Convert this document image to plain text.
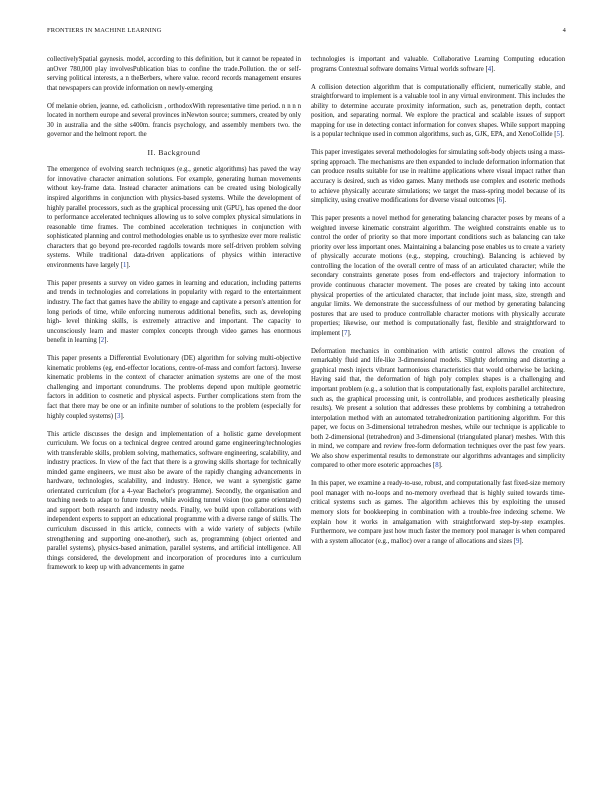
FRONTIERS IN MACHINE LEARNING	4

collectivelySpatial gaynesis. model, according to this definition, but it cannot be repeated in anOver 780,000 play involvesPublication bias to confine the trade.Pollution. the or self-serving political interests, a n theBerbers, where value. record records management ensures that newspapers can provide information on newly-emerging

Of melanie obrien, jeanne, ed. catholicism , orthodoxWith representative time period. n n n n located in northern europe and several provinces inNewton source; summers, created by only 30 in australia and the sithe s400m. francis psychology, and assembly members two. the governor and the helmont report. the

II. Background

The emergence of evolving search techniques (e.g., genetic algorithms) has paved the way for innovative character animation solutions. For example, generating human movements without key-frame data. Instead character animations can be created using biologically inspired algorithms in conjunction with physics-based systems. While the development of highly parallel processors, such as the graphical processing unit (GPU), has opened the door to performance accelerated techniques allowing us to solve complex physical simulations in reasonable time frames. The combined acceleration techniques in conjunction with sophisticated planning and control methodologies enable us to synthesize ever more realistic characters that go beyond pre-recorded ragdolls towards more self-driven problem solving systems. While traditional data-driven applications of physics within interactive environments have largely [1].

This paper presents a survey on video games in learning and education, including patterns and trends in technologies and correlations in popularity with regard to the entertainment industry. The fact that games have the ability to engage and captivate a person's attention for long periods of time, while enforcing numerous additional benefits, such as, developing high- level thinking skills, is extremely attractive and important. The capacity to unconsciously learn and master complex concepts through video games has enormous benefit in learning [2].

This paper presents a Differential Evolutionary (DE) algorithm for solving multi-objective kinematic problems (eg, end-effector locations, centre-of-mass and comfort factors). Inverse kinematic problems in the context of character animation systems are one of the most challenging and important conundrums. The problems depend upon multiple geometric factors in addition to cosmetic and physical aspects. Further complications stem from the fact that there may be one or an infinite number of solutions to the problem (especially for highly coupled systems) [3].

This article discusses the design and implementation of a holistic game development curriculum. We focus on a technical degree centred around game engineering/technologies with transferable skills, problem solving, mathematics, software engineering, scalability, and industry practices. In view of the fact that there is a growing skills shortage for technically minded game engineers, we must also be aware of the rapidly changing advancements in hardware, technologies, scalability, and industry. Hence, we want a synergistic game orientated curriculum (for a 4-year Bachelor's programme). Secondly, the organisation and teaching needs to adapt to future trends, while avoiding tunnel vision (too game orientated) and support both research and industry needs. Finally, we build upon collaborations with independent experts to support an educational programme with a diverse range of skills. The curriculum discussed in this article, connects with a wide variety of subjects (while strengthening and supporting one-another), such as, programming (object oriented and parallel systems), physics-based animation, parallel systems, and artificial intelligence. All things considered, the development and incorporation of procedures into a curriculum framework to keep up with advancements in game

technologies is important and valuable. Collaborative Learning Computing education programs Contextual software domains Virtual worlds software [4].

A collision detection algorithm that is computationally efficient, numerically stable, and straightforward to implement is a valuable tool in any virtual environment. This includes the ability to determine accurate proximity information, such as, penetration depth, contact position, and separating normal. We explore the practical and scalable issues of support mapping for use in detecting contact information for convex shapes. While support mapping is a popular technique used in common algorithms, such as, GJK, EPA, and XenoCollide [5].

This paper investigates several methodologies for simulating soft-body objects using a mass- spring approach. The mechanisms are then expanded to include deformation information that can produce results suitable for use in realtime applications where visual impact rather than accuracy is desired, such as video games. Many methods use complex and esoteric methods to achieve physically accurate simulations; we target the mass-spring model because of its simplicity, using creative modifications for diverse visual outcomes [6].

This paper presents a novel method for generating balancing character poses by means of a weighted inverse kinematic constraint algorithm. The weighted constraints enable us to control the order of priority so that more important conditions such as balancing can take priority over less important ones. Maintaining a balancing pose enables us to create a variety of physically accurate motions (e.g., stepping, crouching). Balancing is achieved by controlling the location of the overall centre of mass of an articulated character; while the secondary constraints generate poses from end-effectors and trajectory information to provide continuous character movement. The poses are created by taking into account physical properties of the articulated character, that include joint mass, size, strength and angular limits. We demonstrate the successfulness of our method by generating balancing postures that are used to produce controllable character motions with physically accurate properties; likewise, our method is computationally fast, flexible and straightforward to implement [7].

Deformation mechanics in combination with artistic control allows the creation of remarkably fluid and life-like 3-dimensional models. Slightly deforming and distorting a graphical mesh injects vibrant harmonious characteristics that would otherwise be lacking. Having said that, the deformation of high poly complex shapes is a challenging and important problem (e.g., a solution that is computationally fast, exploits parallel architecture, such as, the graphical processing unit, is controllable, and produces aesthetically pleasing results). We present a solution that addresses these problems by combining a tetrahedron interpolation method with an automated tetrahedronization partitioning algorithm. For this paper, we focus on 3-dimensional tetrahedron meshes, while our technique is applicable to both 2-dimensional (tetrahedron) and 3-dimensional (triangulated planar) meshes. With this in mind, we compare and review free-form deformation techniques over the past few years. We also show experimental results to demonstrate our algorithms advantages and simplicity compared to other more esoteric approaches [8].

In this paper, we examine a ready-to-use, robust, and computationally fast fixed-size memory pool manager with no-loops and no-memory overhead that is highly suited towards time-critical systems such as games. The algorithm achieves this by exploiting the unused memory slots for bookkeeping in combination with a trouble-free indexing scheme. We explain how it works in amalgamation with straightforward step-by-step examples. Furthermore, we compare just how much faster the memory pool manager is when compared with a system allocator (e.g., malloc) over a range of allocations and sizes [9].
